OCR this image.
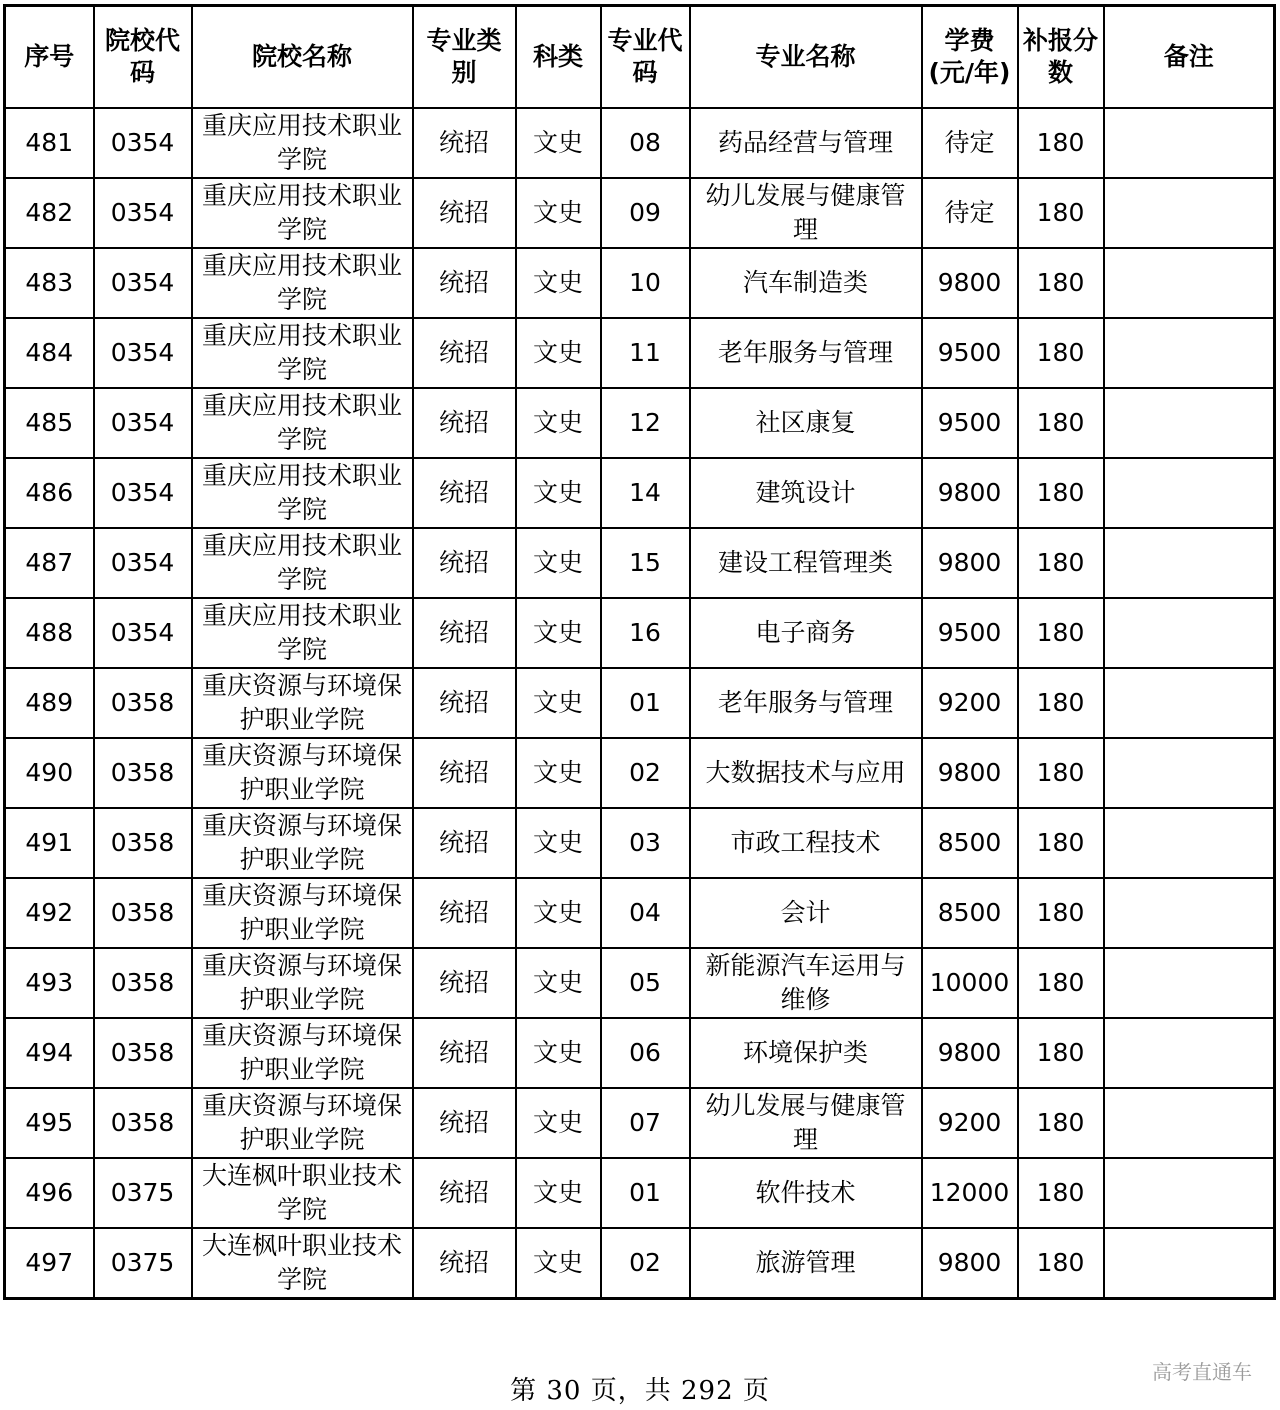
序号	院校代码	院校名称	专业类别	科类	专业代码	专业名称	学费(元/年)	补报分数	备注
481	0354	重庆应用技术职业学院	统招	文史	08	药品经营与管理	待定	180	
482	0354	重庆应用技术职业学院	统招	文史	09	幼儿发展与健康管理	待定	180	
483	0354	重庆应用技术职业学院	统招	文史	10	汽车制造类	9800	180	
484	0354	重庆应用技术职业学院	统招	文史	11	老年服务与管理	9500	180	
485	0354	重庆应用技术职业学院	统招	文史	12	社区康复	9500	180	
486	0354	重庆应用技术职业学院	统招	文史	14	建筑设计	9800	180	
487	0354	重庆应用技术职业学院	统招	文史	15	建设工程管理类	9800	180	
488	0354	重庆应用技术职业学院	统招	文史	16	电子商务	9500	180	
489	0358	重庆资源与环境保护职业学院	统招	文史	01	老年服务与管理	9200	180	
490	0358	重庆资源与环境保护职业学院	统招	文史	02	大数据技术与应用	9800	180	
491	0358	重庆资源与环境保护职业学院	统招	文史	03	市政工程技术	8500	180	
492	0358	重庆资源与环境保护职业学院	统招	文史	04	会计	8500	180	
493	0358	重庆资源与环境保护职业学院	统招	文史	05	新能源汽车运用与维修	10000	180	
494	0358	重庆资源与环境保护职业学院	统招	文史	06	环境保护类	9800	180	
495	0358	重庆资源与环境保护职业学院	统招	文史	07	幼儿发展与健康管理	9200	180	
496	0375	大连枫叶职业技术学院	统招	文史	01	软件技术	12000	180	
497	0375	大连枫叶职业技术学院	统招	文史	02	旅游管理	9800	180	
第 30 页，共 292 页
高考直通车
